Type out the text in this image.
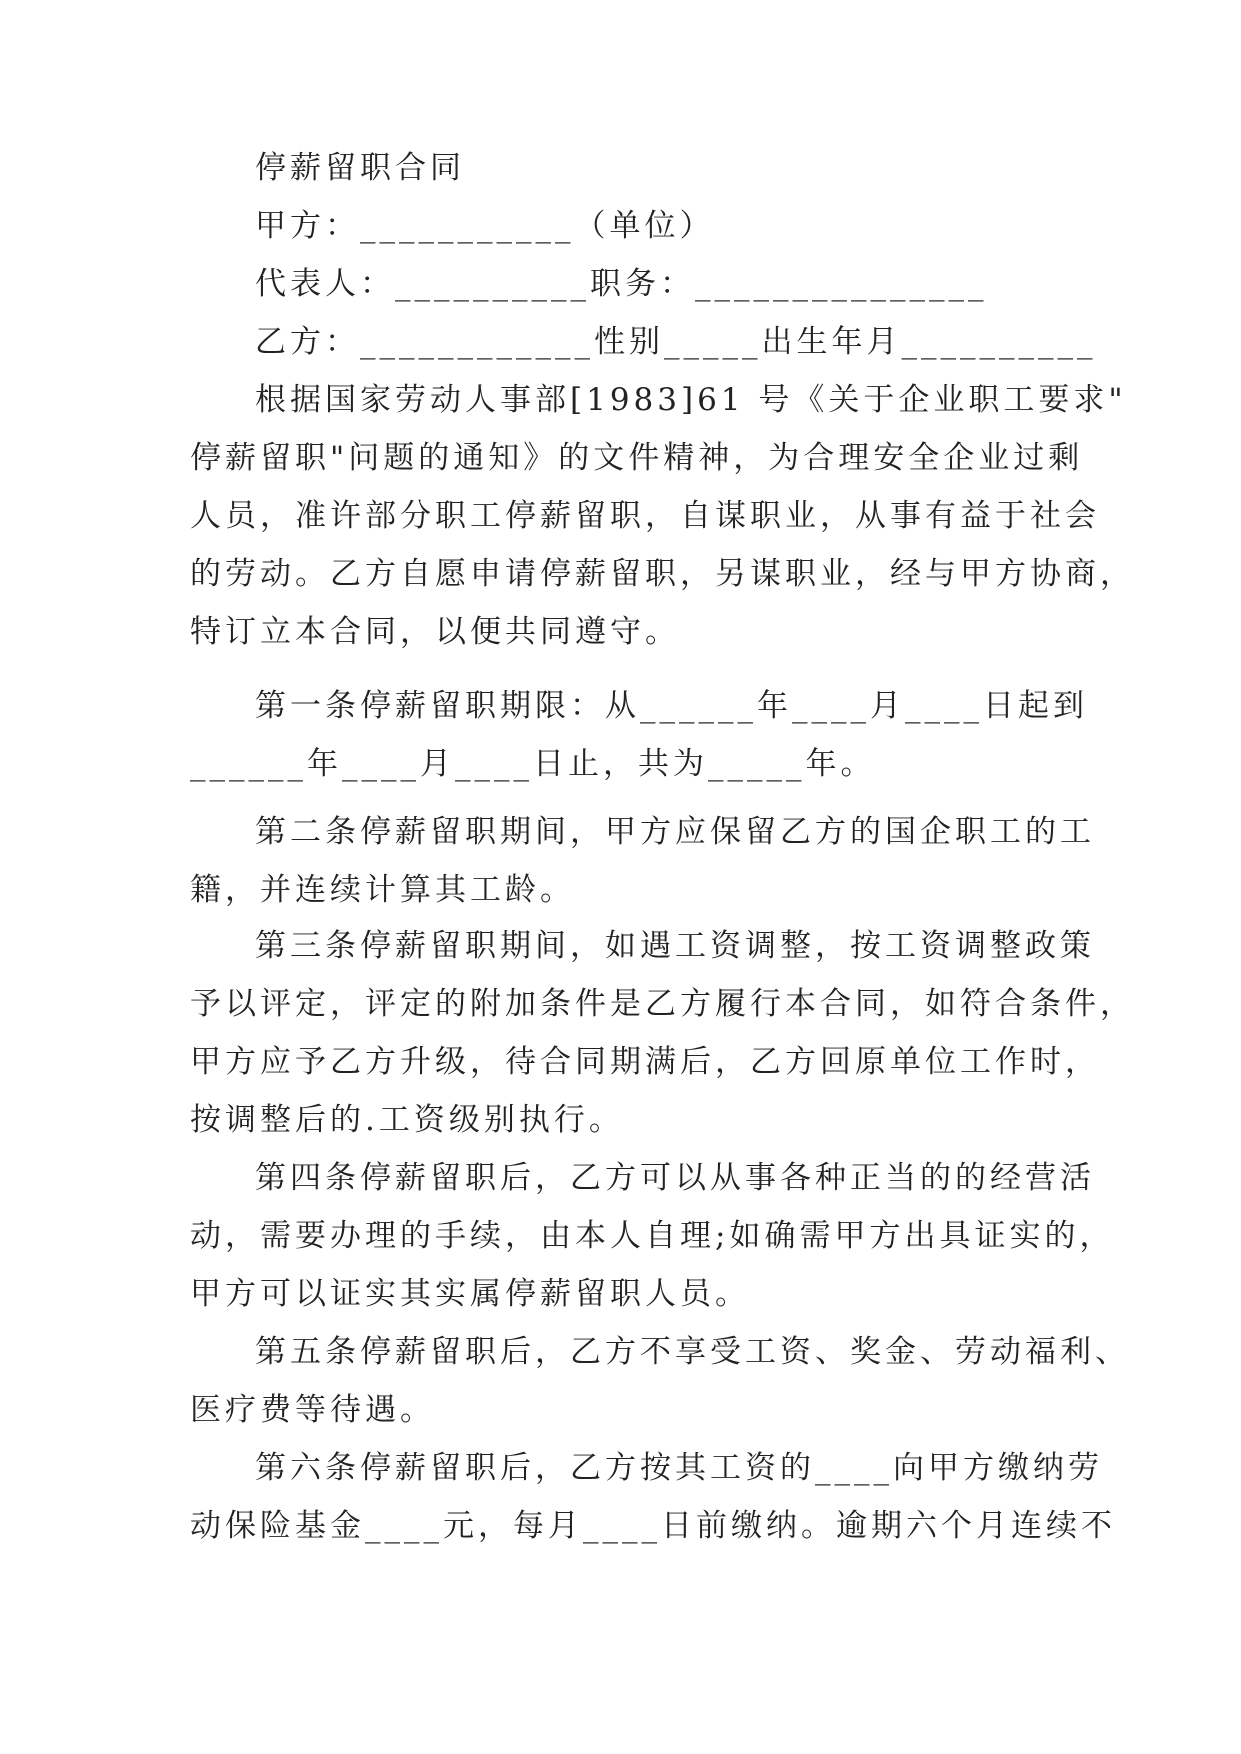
停薪留职合同
甲方：___________（单位）
代表人：__________职务：_______________
乙方：____________性别_____出生年月__________
根据国家劳动人事部[1983]61 号《关于企业职工要求"
停薪留职"问题的通知》的文件精神，为合理安全企业过剩
人员，准许部分职工停薪留职，自谋职业，从事有益于社会
的劳动。乙方自愿申请停薪留职，另谋职业，经与甲方协商，
特订立本合同，以便共同遵守。
第一条停薪留职期限：从______年____月____日起到
______年____月____日止，共为_____年。
第二条停薪留职期间，甲方应保留乙方的国企职工的工
籍，并连续计算其工龄。
第三条停薪留职期间，如遇工资调整，按工资调整政策
予以评定，评定的附加条件是乙方履行本合同，如符合条件，
甲方应予乙方升级，待合同期满后，乙方回原单位工作时，
按调整后的.工资级别执行。
第四条停薪留职后，乙方可以从事各种正当的的经营活
动，需要办理的手续，由本人自理;如确需甲方出具证实的，
甲方可以证实其实属停薪留职人员。
第五条停薪留职后，乙方不享受工资、奖金、劳动福利、
医疗费等待遇。
第六条停薪留职后，乙方按其工资的____向甲方缴纳劳
动保险基金____元，每月____日前缴纳。逾期六个月连续不
